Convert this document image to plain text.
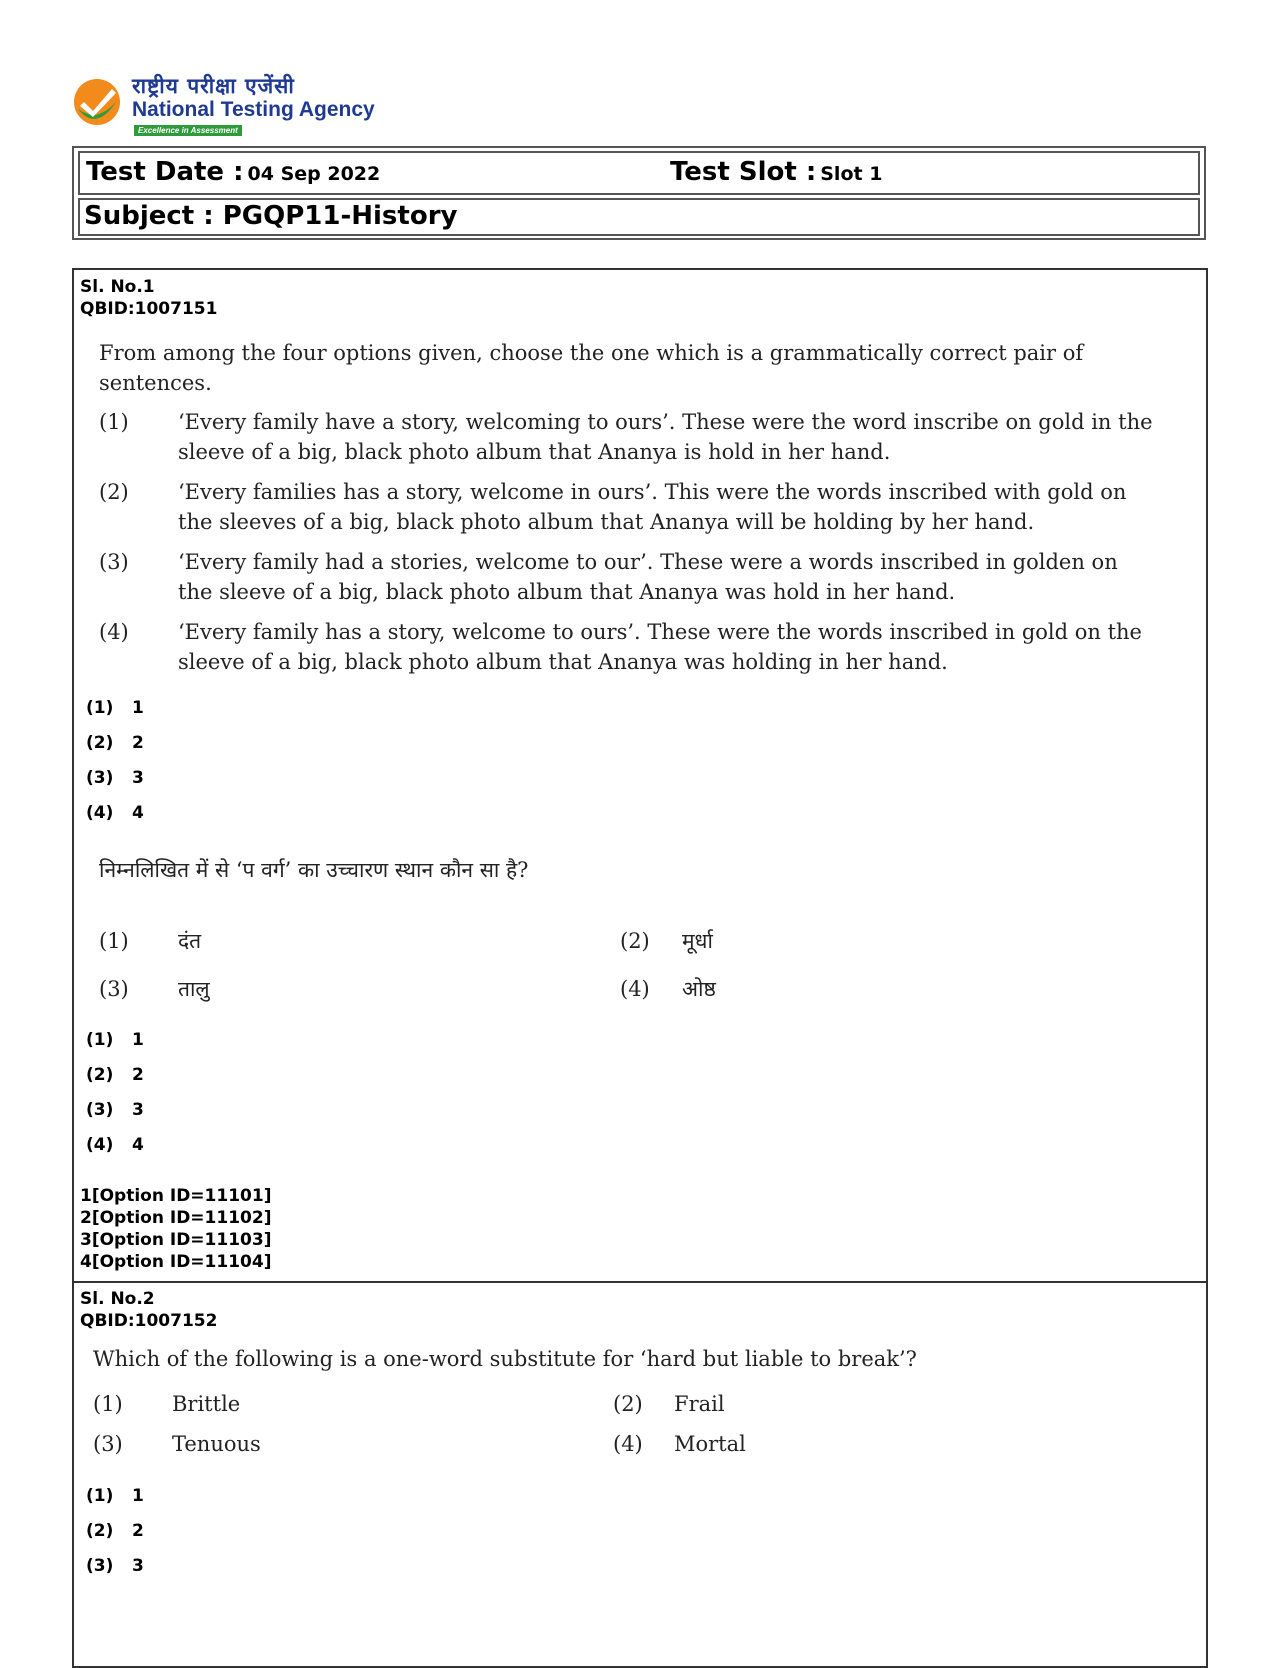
राष्ट्रीय परीक्षा एजेंसी
National Testing Agency
Excellence in Assessment
Test Date : 04 Sep 2022	Test Slot : Slot 1
Subject : PGQP11-History
Sl. No.1
QBID:1007151
From among the four options given, choose the one which is a grammatically correct pair of sentences.
(1) ‘Every family have a story, welcoming to ours’. These were the word inscribe on gold in the sleeve of a big, black photo album that Ananya is hold in her hand.
(2) ‘Every families has a story, welcome in ours’. This were the words inscribed with gold on the sleeves of a big, black photo album that Ananya will be holding by her hand.
(3) ‘Every family had a stories, welcome to our’. These were a words inscribed in golden on the sleeve of a big, black photo album that Ananya was hold in her hand.
(4) ‘Every family has a story, welcome to ours’. These were the words inscribed in gold on the sleeve of a big, black photo album that Ananya was holding in her hand.
(1) 1
(2) 2
(3) 3
(4) 4
निम्नलिखित में से ‘प वर्ग’ का उच्चारण स्थान कौन सा है?
(1) दंत	(2) मूर्धा
(3) तालु	(4) ओष्ठ
(1) 1
(2) 2
(3) 3
(4) 4
1[Option ID=11101]
2[Option ID=11102]
3[Option ID=11103]
4[Option ID=11104]
Sl. No.2
QBID:1007152
Which of the following is a one-word substitute for ‘hard but liable to break’?
(1) Brittle	(2) Frail
(3) Tenuous	(4) Mortal
(1) 1
(2) 2
(3) 3
